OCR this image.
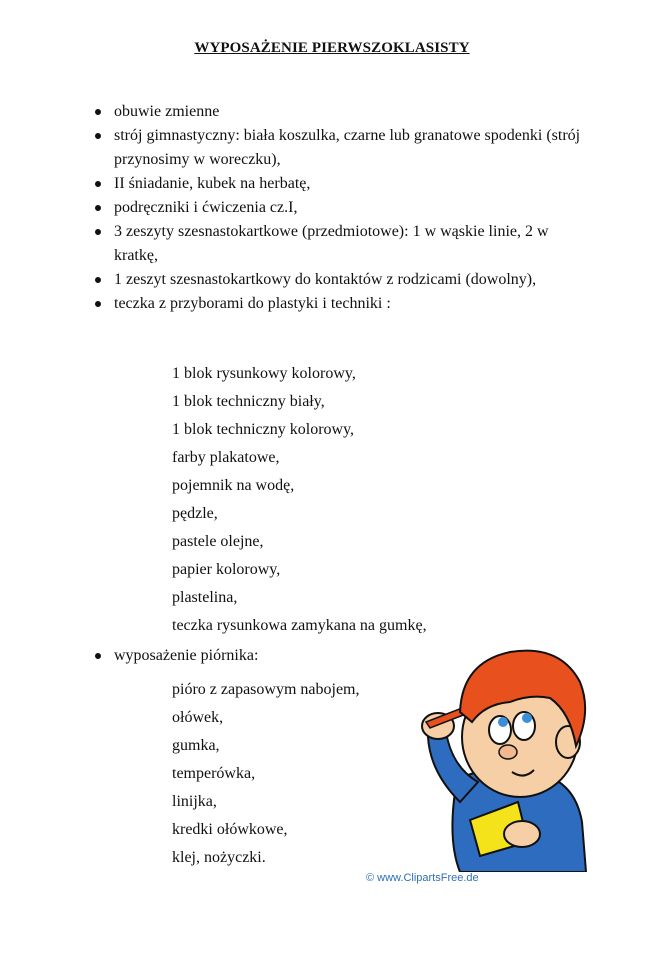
WYPOSAŻENIE PIERWSZOKLASISTY
obuwie zmienne
strój gimnastyczny: biała koszulka, czarne lub granatowe spodenki (strój przynosimy w woreczku),
II śniadanie, kubek na herbatę,
podręczniki i ćwiczenia cz.I,
3 zeszyty szesnastokartkowe (przedmiotowe): 1 w wąskie linie, 2 w kratkę,
1 zeszyt szesnastokartkowy do kontaktów z rodzicami (dowolny),
teczka z przyborami do plastyki i techniki :
1 blok rysunkowy kolorowy,
1 blok techniczny biały,
1 blok techniczny kolorowy,
farby plakatowe,
pojemnik na wodę,
pędzle,
pastele olejne,
papier kolorowy,
plastelina,
teczka rysunkowa zamykana na gumkę,
wyposażenie piórnika:
pióro z zapasowym nabojem,
ołówek,
gumka,
temperówka,
linijka,
kredki ołówkowe,
klej, nożyczki.
© www.ClipartsFree.de
